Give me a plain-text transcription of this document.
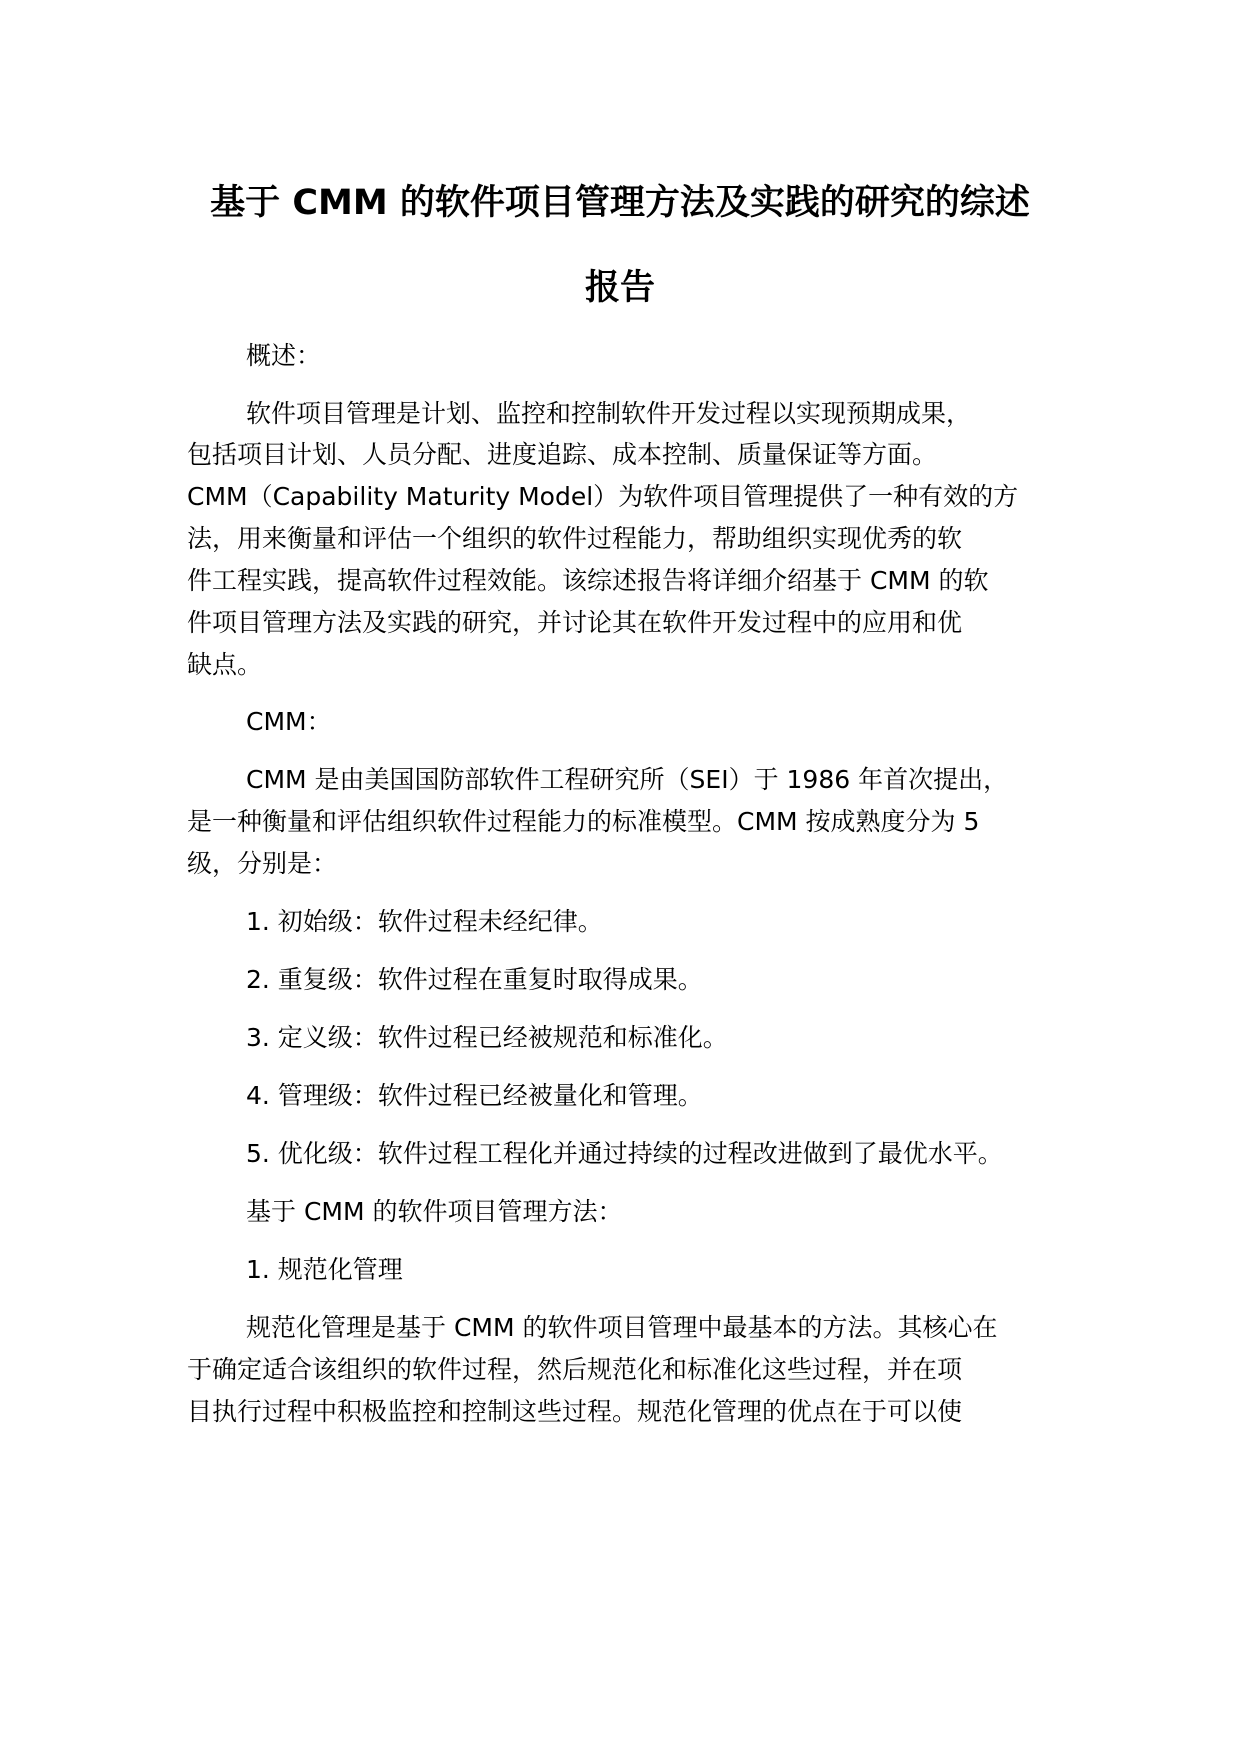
基于 CMM 的软件项目管理方法及实践的研究的综述
报告

概述：

软件项目管理是计划、监控和控制软件开发过程以实现预期成果，

包括项目计划、人员分配、进度追踪、成本控制、质量保证等方面。

CMM（Capability Maturity Model）为软件项目管理提供了一种有效的方

法，用来衡量和评估一个组织的软件过程能力，帮助组织实现优秀的软

件工程实践，提高软件过程效能。该综述报告将详细介绍基于 CMM 的软

件项目管理方法及实践的研究，并讨论其在软件开发过程中的应用和优

缺点。

CMM：

CMM 是由美国国防部软件工程研究所（SEI）于 1986 年首次提出，

是一种衡量和评估组织软件过程能力的标准模型。CMM 按成熟度分为 5

级，分别是：

1. 初始级：软件过程未经纪律。

2. 重复级：软件过程在重复时取得成果。

3. 定义级：软件过程已经被规范和标准化。

4. 管理级：软件过程已经被量化和管理。

5. 优化级：软件过程工程化并通过持续的过程改进做到了最优水平。

基于 CMM 的软件项目管理方法：

1. 规范化管理

规范化管理是基于 CMM 的软件项目管理中最基本的方法。其核心在

于确定适合该组织的软件过程，然后规范化和标准化这些过程，并在项

目执行过程中积极监控和控制这些过程。规范化管理的优点在于可以使
